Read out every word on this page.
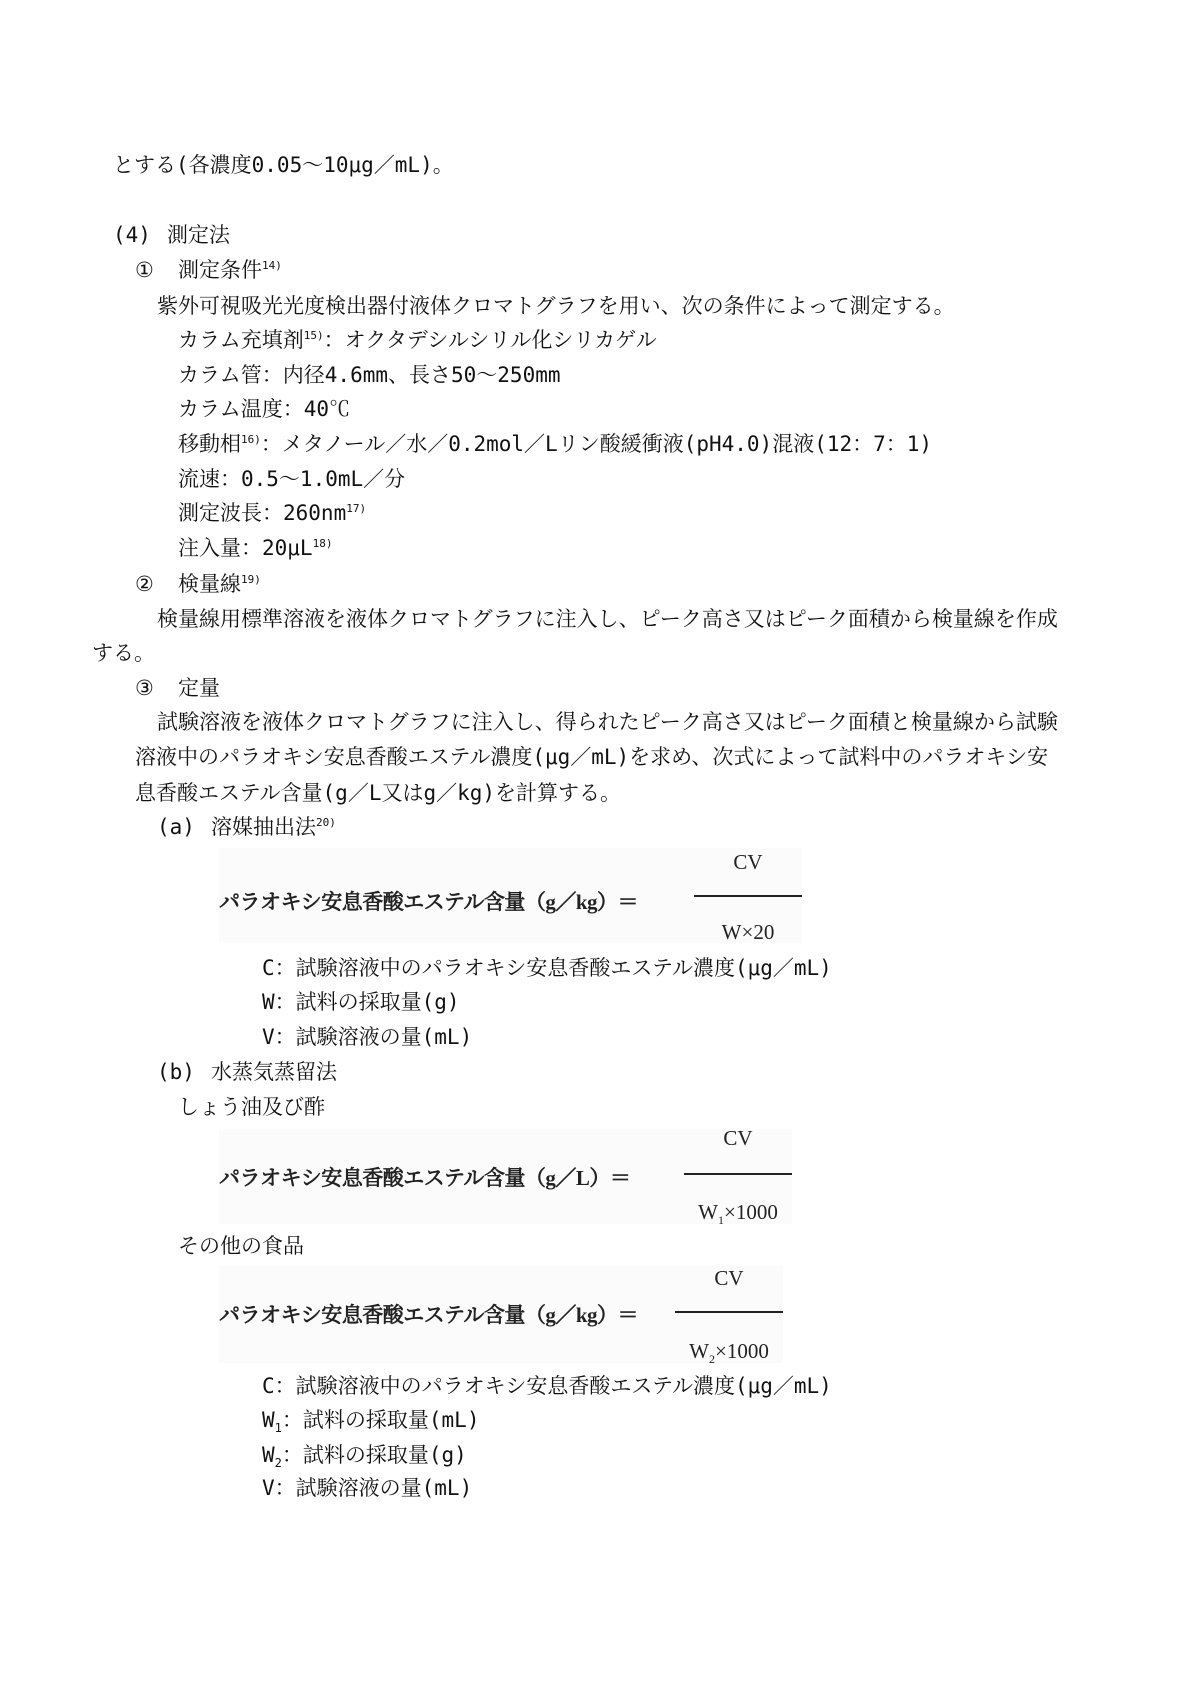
とする(各濃度0.05～10μg／mL)。
(4) 測定法
① 測定条件$^{14)}$
紫外可視吸光光度検出器付液体クロマトグラフを用い、次の条件によって測定する。
カラム充填剤$^{15)}$：オクタデシルシリル化シリカゲル
カラム管：内径4.6mm、長さ50～250mm
カラム温度：40℃
移動相$^{16)}$：メタノール／水／0.2mol／Lリン酸緩衝液(pH4.0)混液(12：7：1)
流速：0.5～1.0mL／分
測定波長：$260nm^{17)}$
注入量：$20\mu L^{18)}$
② 検量線$^{19)}$
検量線用標準溶液を液体クロマトグラフに注入し、ピーク高さ又はピーク面積から検量線を作成
する。
③ 定量
試験溶液を液体クロマトグラフに注入し、得られたピーク高さ又はピーク面積と検量線から試験
溶液中のパラオキシ安息香酸エステル濃度(μg／mL)を求め、次式によって試料中のパラオキシ安
息香酸エステル含量(g／L又はg／kg)を計算する。
(a) 溶媒抽出法$^{20)}$
パラオキシ安息香酸エステル含量（g／kg）＝
CV
W×20
C：試験溶液中のパラオキシ安息香酸エステル濃度(μg／mL)
W：試料の採取量(g)
V：試験溶液の量(mL)
(b) 水蒸気蒸留法
しょう油及び酢
パラオキシ安息香酸エステル含量（g／L）＝
CV
$W_1\times 1000$
その他の食品
パラオキシ安息香酸エステル含量（g／kg）＝
CV
$W_2\times 1000$
C：試験溶液中のパラオキシ安息香酸エステル濃度(μg／mL)
$W_1$：試料の採取量(mL)
$W_2$：試料の採取量(g)
V：試験溶液の量(mL)
